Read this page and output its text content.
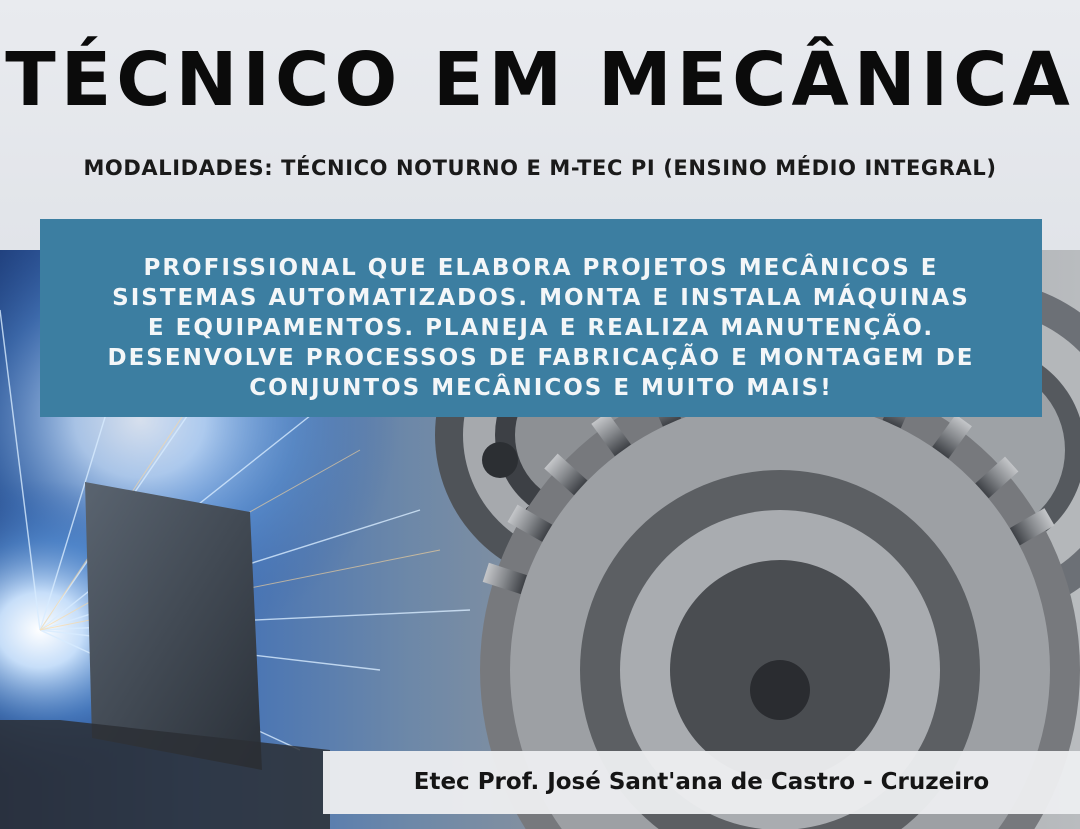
TÉCNICO EM MECÂNICA
MODALIDADES: TÉCNICO NOTURNO E M-TEC PI (ENSINO MÉDIO INTEGRAL)
PROFISSIONAL QUE ELABORA PROJETOS MECÂNICOS E
SISTEMAS AUTOMATIZADOS. MONTA E INSTALA MÁQUINAS
E EQUIPAMENTOS. PLANEJA E REALIZA MANUTENÇÃO.
DESENVOLVE PROCESSOS DE FABRICAÇÃO E MONTAGEM DE
CONJUNTOS MECÂNICOS E MUITO MAIS!
Etec Prof. José Sant'ana de Castro - Cruzeiro
